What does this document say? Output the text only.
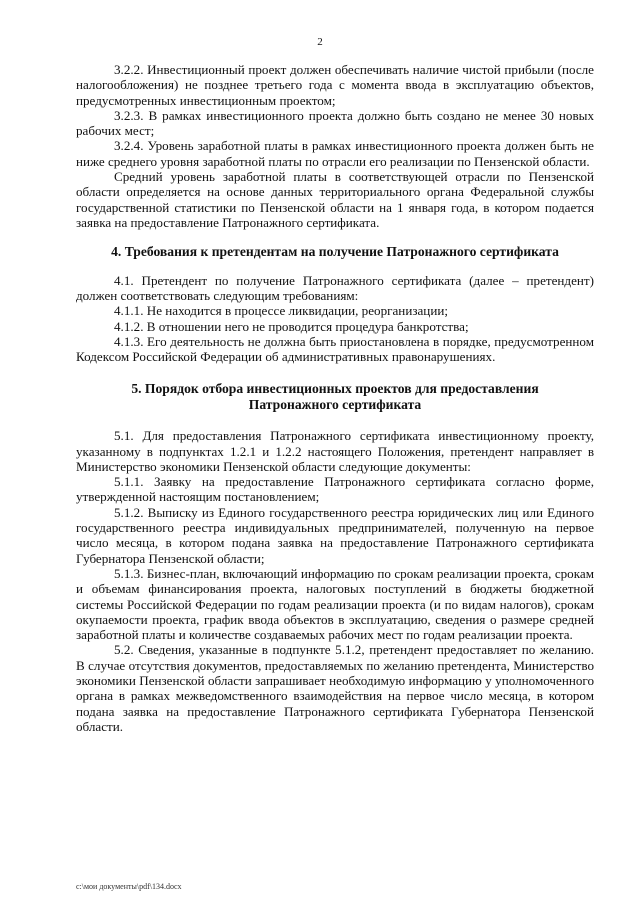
2

3.2.2. Инвестиционный проект должен обеспечивать наличие чистой прибыли (после налогообложения) не позднее третьего года с момента ввода в эксплуатацию объектов, предусмотренных инвестиционным проектом;

3.2.3. В рамках инвестиционного проекта должно быть создано не менее 30 новых рабочих мест;

3.2.4. Уровень заработной платы в рамках инвестиционного проекта должен быть не ниже среднего уровня заработной платы по отрасли его реализации по Пензенской области.

Средний уровень заработной платы в соответствующей отрасли по Пензенской области определяется на основе данных территориального органа Федеральной службы государственной статистики по Пензенской области на 1 января года, в котором подается заявка на предоставление Патронажного сертификата.

4. Требования к претендентам на получение Патронажного сертификата

4.1. Претендент по получение Патронажного сертификата (далее – претендент) должен соответствовать следующим требованиям:

4.1.1. Не находится в процессе ликвидации, реорганизации;

4.1.2. В отношении него не проводится процедура банкротства;

4.1.3. Его деятельность не должна быть приостановлена в порядке, предусмотренном Кодексом Российской Федерации об административных правонарушениях.

5. Порядок отбора инвестиционных проектов для предоставления
Патронажного сертификата

5.1. Для предоставления Патронажного сертификата инвестиционному проекту, указанному в подпунктах 1.2.1 и 1.2.2 настоящего Положения, претендент направляет в Министерство экономики Пензенской области следующие документы:

5.1.1. Заявку на предоставление Патронажного сертификата согласно форме, утвержденной настоящим постановлением;

5.1.2. Выписку из Единого государственного реестра юридических лиц или Единого государственного реестра индивидуальных предпринимателей, полученную на первое число месяца, в котором подана заявка на предоставление Патронажного сертификата Губернатора Пензенской области;

5.1.3. Бизнес-план, включающий информацию по срокам реализации проекта, срокам и объемам финансирования проекта, налоговых поступлений в бюджеты бюджетной системы Российской Федерации по годам реализации проекта (и по видам налогов), срокам окупаемости проекта, график ввода объектов в эксплуатацию, сведения о размере средней заработной платы и количестве создаваемых рабочих мест по годам реализации проекта.

5.2. Сведения, указанные в подпункте 5.1.2, претендент предоставляет по желанию. В случае отсутствия документов, предоставляемых по желанию претендента, Министерство экономики Пензенской области запрашивает необходимую информацию у уполномоченного органа в рамках межведомственного взаимодействия на первое число месяца, в котором подана заявка на предоставление Патронажного сертификата Губернатора Пензенской области.

c:\мои документы\pdf\134.docx
